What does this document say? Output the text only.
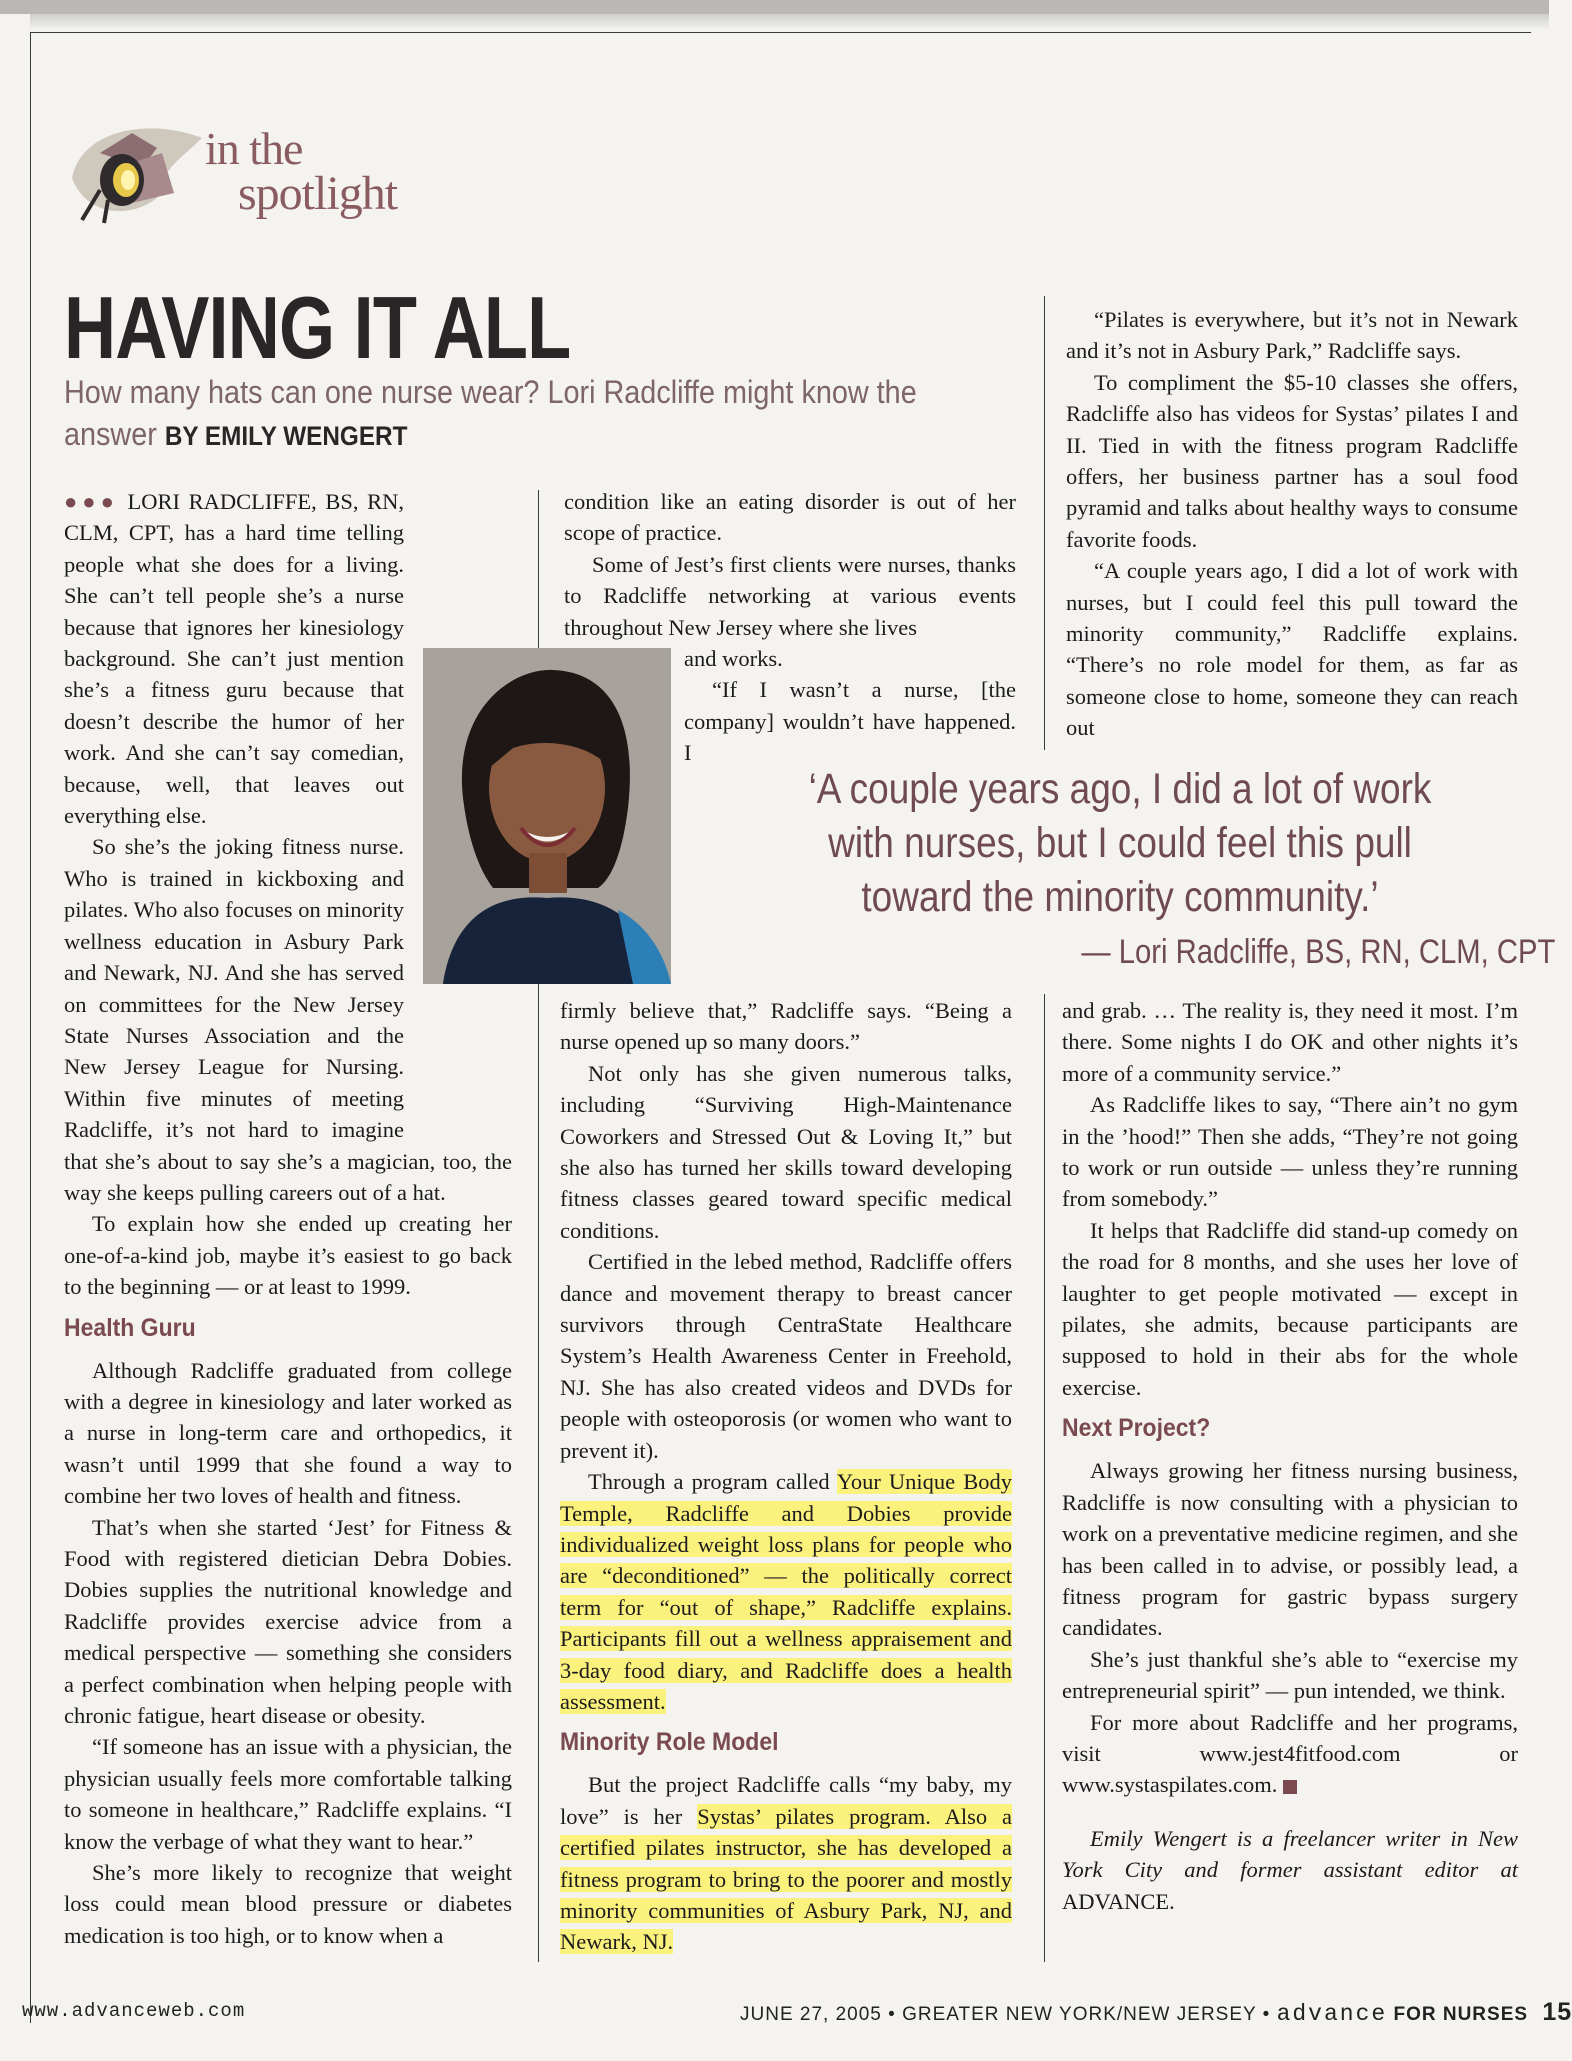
in the
spotlight
HAVING IT ALL
How many hats can one nurse wear? Lori Radcliffe might know the answer BY EMILY WENGERT

●●● LORI RADCLIFFE, BS, RN, CLM, CPT, has a hard time telling people what she does for a living. She can’t tell people she’s a nurse because that ignores her kinesiology background. She can’t just mention she’s a fitness guru because that doesn’t describe the humor of her work. And she can’t say comedian, because, well, that leaves out everything else.

So she’s the joking fitness nurse. Who is trained in kickboxing and pilates. Who also focuses on minority wellness education in Asbury Park and Newark, NJ. And she has served on committees for the New Jersey State Nurses Association and the New Jersey League for Nursing. Within five minutes of meeting Radcliffe, it’s not hard to imagine that she’s about to say she’s a magician, too, the way she keeps pulling careers out of a hat.

To explain how she ended up creating her one-of-a-kind job, maybe it’s easiest to go back to the beginning — or at least to 1999.

Health Guru

Although Radcliffe graduated from college with a degree in kinesiology and later worked as a nurse in long-term care and orthopedics, it wasn’t until 1999 that she found a way to combine her two loves of health and fitness.

That’s when she started ‘Jest’ for Fitness & Food with registered dietician Debra Dobies. Dobies supplies the nutritional knowledge and Radcliffe provides exercise advice from a medical perspective — something she considers a perfect combination when helping people with chronic fatigue, heart disease or obesity.

“If someone has an issue with a physician, the physician usually feels more comfortable talking to someone in healthcare,” Radcliffe explains. “I know the verbage of what they want to hear.”

She’s more likely to recognize that weight loss could mean blood pressure or diabetes medication is too high, or to know when a

condition like an eating disorder is out of her scope of practice.

Some of Jest’s first clients were nurses, thanks to Radcliffe networking at various events throughout New Jersey where she lives

and works.

“If I wasn’t a nurse, [the company] wouldn’t have happened. I

“Pilates is everywhere, but it’s not in Newark and it’s not in Asbury Park,” Radcliffe says.

To compliment the $5-10 classes she offers, Radcliffe also has videos for Systas’ pilates I and II. Tied in with the fitness program Radcliffe offers, her business partner has a soul food pyramid and talks about healthy ways to consume favorite foods.

“A couple years ago, I did a lot of work with nurses, but I could feel this pull toward the minority community,” Radcliffe explains. “There’s no role model for them, as far as someone close to home, someone they can reach out

‘A couple years ago, I did a lot of work with nurses, but I could feel this pull toward the minority community.’
— Lori Radcliffe, BS, RN, CLM, CPT

firmly believe that,” Radcliffe says. “Being a nurse opened up so many doors.”

Not only has she given numerous talks, including “Surviving High-Maintenance Coworkers and Stressed Out & Loving It,” but she also has turned her skills toward developing fitness classes geared toward specific medical conditions.

Certified in the lebed method, Radcliffe offers dance and movement therapy to breast cancer survivors through CentraState Healthcare System’s Health Awareness Center in Freehold, NJ. She has also created videos and DVDs for people with osteoporosis (or women who want to prevent it).

Through a program called Your Unique Body Temple, Radcliffe and Dobies provide individualized weight loss plans for people who are “deconditioned” — the politically correct term for “out of shape,” Radcliffe explains. Participants fill out a wellness appraisement and 3-day food diary, and Radcliffe does a health assessment.

Minority Role Model

But the project Radcliffe calls “my baby, my love” is her Systas’ pilates program. Also a certified pilates instructor, she has developed a fitness program to bring to the poorer and mostly minority communities of Asbury Park, NJ, and Newark, NJ.

and grab. … The reality is, they need it most. I’m there. Some nights I do OK and other nights it’s more of a community service.”

As Radcliffe likes to say, “There ain’t no gym in the ’hood!” Then she adds, “They’re not going to work or run outside — unless they’re running from somebody.”

It helps that Radcliffe did stand-up comedy on the road for 8 months, and she uses her love of laughter to get people motivated — except in pilates, she admits, because participants are supposed to hold in their abs for the whole exercise.

Next Project?

Always growing her fitness nursing business, Radcliffe is now consulting with a physician to work on a preventative medicine regimen, and she has been called in to advise, or possibly lead, a fitness program for gastric bypass surgery candidates.

She’s just thankful she’s able to “exercise my entrepreneurial spirit” — pun intended, we think.

For more about Radcliffe and her programs, visit www.jest4fitfood.com or www.systaspilates.com.

Emily Wengert is a freelancer writer in New York City and former assistant editor at ADVANCE.

www.advanceweb.com	JUNE 27, 2005 • GREATER NEW YORK/NEW JERSEY • advance FOR NURSES 15
